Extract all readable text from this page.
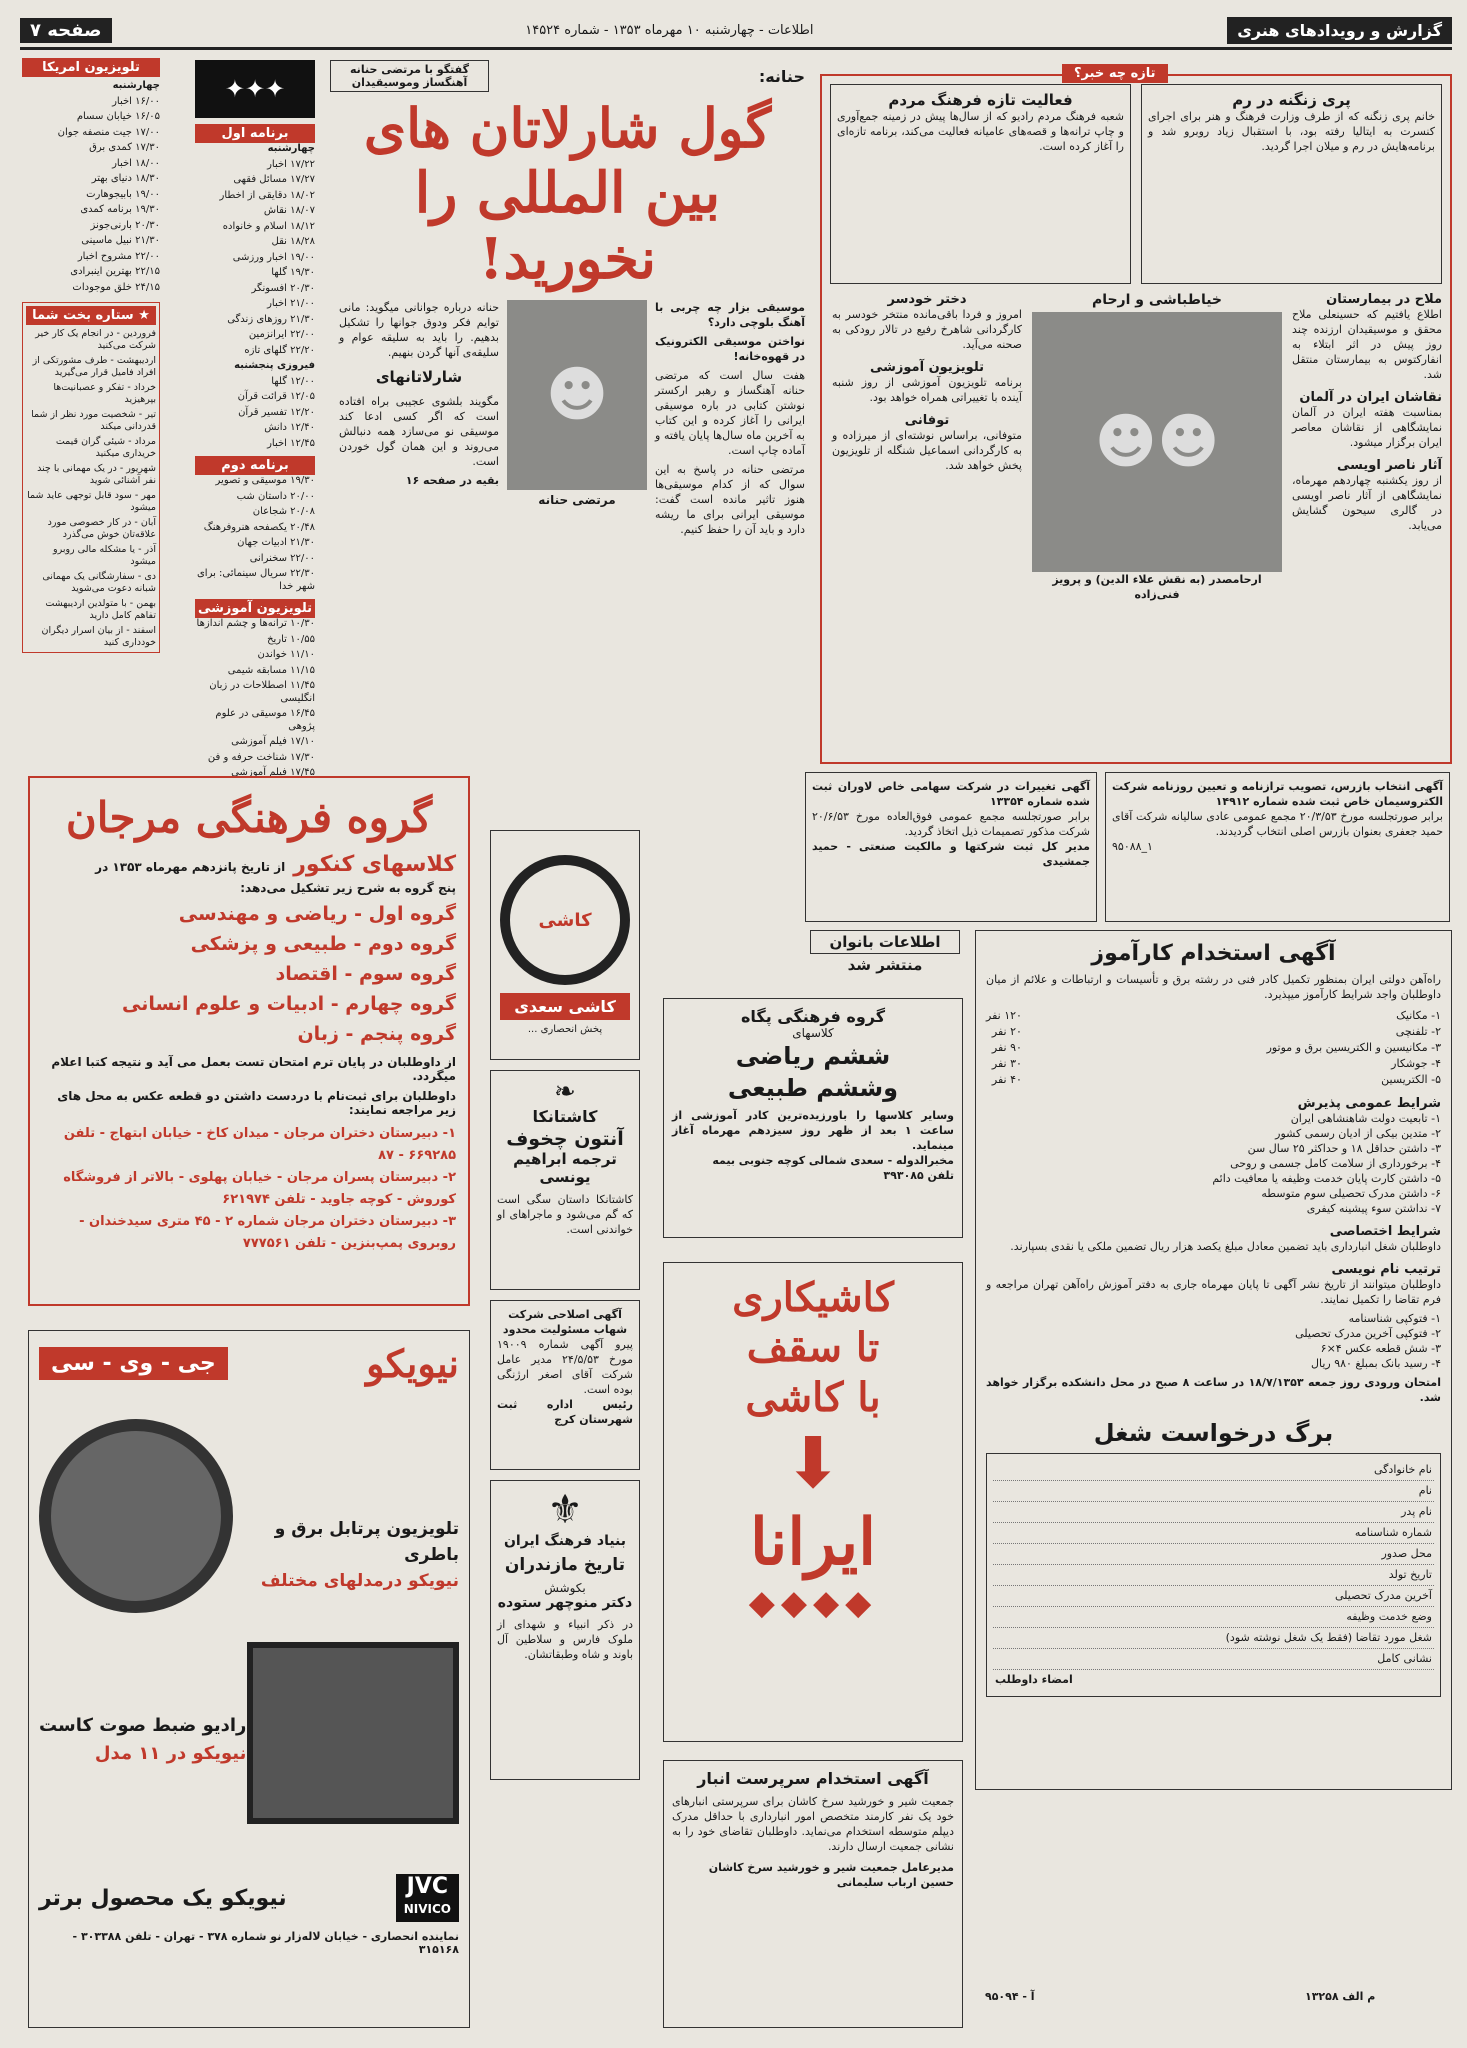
گزارش و رویدادهای هنری
اطلاعات - چهارشنبه ۱۰ مهرماه ۱۳۵۳ - شماره ۱۴۵۲۴
صفحه ۷
تلویزیون امریکا
چهارشنبه
۱۶/۰۰ اخبار
۱۶/۰۵ خیابان سسام
۱۷/۰۰ جیت منصفه جوان
۱۷/۳۰ کمدی برق
۱۸/۰۰ اخبار
۱۸/۳۰ دنیای بهتر
۱۹/۰۰ بابیجوهارت
۱۹/۳۰ برنامه کمدی
۲۰/۳۰ بارنی‌جونز
۲۱/۳۰ نبیل ماسینی
۲۲/۰۰ مشروح اخبار
۲۲/۱۵ بهترین اینبرادی
۲۴/۱۵ خلق موجودات
★ ستاره بخت شما
فروردین - در انجام یک کار خیر شرکت می‌کنید
اردیبهشت - طرف مشورتکی از افراد فامیل قرار می‌گیرید
خرداد - تفکر و عصبانیت‌ها بپرهیزید
تیر - شخصیت مورد نظر از شما قدردانی میکند
مرداد - شیئی گران قیمت خریداری میکنید
شهریور - در یک مهمانی با چند نفر آشنائی شوید
مهر - سود قابل توجهی عاید شما میشود
آبان - در کار خصوصی مورد علاقه‌تان خوش می‌گذرد
آذر - یا مشکله مالی روبرو میشود
دی - سفارشگانی یک مهمانی شبانه دعوت می‌شوید
بهمن - با متولدین اردیبهشت تفاهم کامل دارید
اسفند - از بیان اسرار دیگران خودداری کنید
✦✦✦
برنامه اول
چهارشنبه
۱۷/۲۲ اخبار
۱۷/۲۷ مسائل فقهی
۱۸/۰۲ دقایقی از اخطار
۱۸/۰۷ نقاش
۱۸/۱۲ اسلام و خانواده
۱۸/۲۸ نقل
۱۹/۰۰ اخبار ورزشی
۱۹/۳۰ گلها
۲۰/۳۰ افسونگر
۲۱/۰۰ اخبار
۲۱/۳۰ روزهای زندگی
۲۲/۰۰ ایرانزمین
۲۲/۲۰ گلهای تازه
فیروزی پنجشنبه
۱۲/۰۰ گلها
۱۲/۰۵ قرائت قرآن
۱۲/۲۰ تفسیر قرآن
۱۲/۴۰ دانش
۱۲/۴۵ اخبار
برنامه دوم
۱۹/۳۰ موسیقی و تصویر
۲۰/۰۰ داستان شب
۲۰/۰۸ شجاعان
۲۰/۴۸ یکصفحه هنرو‌فرهنگ
۲۱/۳۰ ادبیات جهان
۲۲/۰۰ سخنرانی
۲۲/۳۰ سریال سینمائی: برای شهر خدا
تلویزیون آموزشی
۱۰/۳۰ ترانه‌ها و چشم اندازها
۱۰/۵۵ تاریخ
۱۱/۱۰ خواندن
۱۱/۱۵ مسابقه شیمی
۱۱/۴۵ اصطلاحات در زبان انگلیسی
۱۶/۴۵ موسیقی در علوم پژوهی
۱۷/۱۰ فیلم آموزشی
۱۷/۳۰ شناخت حرفه و فن
۱۷/۴۵ فیلم آموزشی
حنانه:
گفتگو با مرتضی حنانه آهنگساز وموسیقیدان
گول شارلاتان های
بین المللی را نخورید!
موسیقی بزار چه چربی با آهنگ بلوچی دارد؟
نواختن موسیقی الکترونیک در قهوه‌خانه!
هفت سال است که مرتضی حنانه آهنگساز و رهبر ارکستر نوشتن کتابی در باره موسیقی ایرانی را آغاز کرده و این کتاب به آخرین ماه سال‌ها پایان یافته و آماده چاپ است.
مرتضی حنانه در پاسخ به این سوال که از کدام موسیقی‌ها هنوز تاثیر مانده است گفت: موسیقی ایرانی برای ما ریشه دارد و باید آن را حفظ کنیم.
☻
مرتضی حنانه
حنانه درباره جوانانی میگوید: مانی‌ توایم فکر ودوق جوانها را تشکیل بدهیم. را باید به سلیقه عوام و سلیقه‌ی آنها گردن بنهیم.
شارلاتانهای
مگویند بلشوی عجیبی براه افتاده است که اگر کسی ادعا کند موسیقی نو می‌سازد همه دنبالش می‌روند و این همان گول خوردن است.
بقیه در صفحه ۱۶
تازه چه خبر؟
پری زنگنه در رم
خانم پری زنگنه که از طرف وزارت فرهنگ و هنر برای اجرای کنسرت به ایتالیا رفته بود، با استقبال زیاد روبرو شد و برنامه‌هایش در رم و میلان اجرا گردید.
فعالیت تازه فرهنگ مردم
شعبه فرهنگ مردم رادیو که از سال‌ها پیش در زمینه جمع‌آوری و چاپ ترانه‌ها و قصه‌های عامیانه فعالیت می‌کند، برنامه تازه‌ای را آغاز کرده است.
ملاح در بیمارستان
اطلاع یافتیم که حسینعلی ملاح محقق و موسیقیدان ارزنده چند روز پیش در اثر ابتلاء به انفارکتوس به بیمارستان منتقل شد.
نقاشان ایران در آلمان
بمناسبت هفته ایران در آلمان نمایشگاهی از نقاشان معاصر ایران برگزار میشود.
آثار ناصر اویسی
از روز یکشنبه چهاردهم مهرماه، نمایشگاهی از آثار ناصر اویسی در گالری سیحون گشایش می‌یابد.
خیاطباشی و ارحام
☻☻
ارحامصدر (به نقش علاء الدین) و پرویز فنی‌زاده
دختر خودسر
امروز و فردا باقی‌مانده منتخر خودسر به کارگردانی شاهرخ رفیع در تالار رودکی به صحنه می‌آید.
تلویزیون آموزشی
برنامه تلویزیون آموزشی از روز شنبه آینده با تغییراتی همراه خواهد بود.
توفانی
متوفانی، براساس نوشته‌ای از میرزاده و به کارگردانی اسماعیل شنگله از تلویزیون پخش خواهد شد.
آگهی انتخاب بازرس، تصویب ترازنامه و تعیین روزنامه شرکت الکتروسیمان خاص ثبت شده شماره ۱۴۹۱۲
برابر صورتجلسه مورخ ۲۰/۳/۵۳ مجمع عمومی عادی سالیانه شرکت آقای حمید جعفری بعنوان بازرس اصلی انتخاب گردیدند.
۱_۹۵۰۸۸
آگهی تغییرات در شرکت سهامی خاص لاوران ثبت شده شماره ۱۳۳۵۴
برابر صورتجلسه مجمع عمومی فوق‌العاده مورخ ۲۰/۶/۵۳ شرکت مذکور تصمیمات ذیل اتخاذ گردید.
مدیر کل ثبت شرکتها و مالکیت صنعتی - حمید جمشیدی
گروه فرهنگی مرجان
کلاسهای کنکور
از تاریخ پانزدهم مهرماه ۱۳۵۳ در
پنج گروه به شرح زیر تشکیل می‌دهد:
گروه اول - ریاضی و مهندسی
گروه دوم - طبیعی و پزشکی
گروه سوم - اقتصاد
گروه چهارم - ادبیات و علوم انسانی
گروه پنجم - زبان
از داوطلبان در پایان ترم امتحان تست بعمل می آید و نتیجه کتبا اعلام میگردد.
داوطلبان برای ثبت‌نام با دردست داشتن دو قطعه عکس به محل های زیر مراجعه نمایند:
۱- دبیرستان دختران مرجان - میدان کاخ - خیابان ابتهاج - تلفن ۶۶۹۲۸۵ - ۸۷
۲- دبیرستان پسران مرجان - خیابان پهلوی - بالاتر از فروشگاه کوروش - کوچه جاوید - تلفن ۶۲۱۹۷۴
۳- دبیرستان دختران مرجان شماره ۲ - ۴۵ متری سیدخندان - روبروی پمپ‌بنزین - تلفن ۷۷۷۵۶۱
کاشی
کاشی سعدی
پخش انحصاری ...
❧
کاشتانکا
آنتون چخوف
ترجمه ابراهیم یونسی
کاشتانکا داستان سگی است که گم می‌شود و ماجراهای او خواندنی است.
اطلاعات بانوان
منتشر شد
گروه فرهنگی پگاه
کلاسهای
ششم ریاضی
وششم طبیعی
وسایر کلاسها را باورزیده‌ترین کادر آموزشی از ساعت ۱ بعد از ظهر روز سیزدهم مهرماه آغاز مینماید.
مخبرالدوله - سعدی شمالی کوچه جنوبی بیمه
تلفن ۳۹۳۰۸۵
کاشیکاری
تا سقف
با کاشی
⬇
ایرانا
◆◆◆◆
آگهی اصلاحی شرکت شهاب مسئولیت محدود
پیرو آگهی شماره ۱۹۰۰۹ مورخ ۲۴/۵/۵۳ مدیر عامل شرکت آقای اصغر ارژنگی بوده است.
رئیس اداره ثبت شهرستان کرج
⚜
بنیاد فرهنگ ایران
تاریخ مازندران
بکوشش
دکتر منوچهر ستوده
در ذکر انبیاء و شهدای از ملوک فارس و سلاطین آل باوند و شاه وطبقاتشان.
نیویکو
جی - وی - سی
تلویزیون پرتابل برق و باطری
نیویکو درمدلهای مختلف
رادیو ضبط صوت کاست
نیویکو در ۱۱ مدل
JVC
NIVICO
نیویکو یک محصول برتر
نماینده انحصاری - خیابان لاله‌زار نو شماره ۳۷۸ - تهران - تلفن ۳۰۳۳۸۸ - ۳۱۵۱۶۸
آگهی استخدام کارآموز
راه‌آهن دولتی ایران بمنظور تکمیل کادر فنی در رشته برق و تأسیسات و ارتباطات و علائم از میان داوطلبان واجد شرایط کارآموز میپذیرد.
۱- مکانیک
۲- تلفنچی
۳- مکانیسین و الکتریسین برق و موتور
۴- جوشکار
۵- الکتریسین
۱۲۰ نفر
۲۰ نفر
۹۰ نفر
۳۰ نفر
۴۰ نفر
شرایط عمومی پذیرش
۱- تابعیت دولت شاهنشاهی ایران
۲- متدین بیکی از ادیان رسمی کشور
۳- داشتن حداقل ۱۸ و حداکثر ۲۵ سال سن
۴- برخورداری از سلامت کامل جسمی و روحی
۵- داشتن کارت پایان خدمت وظیفه یا معافیت دائم
۶- داشتن مدرک تحصیلی سوم متوسطه
۷- نداشتن سوء پیشینه کیفری
شرایط اختصاصی
داوطلبان شغل انبارداری باید تضمین معادل مبلغ یکصد هزار ریال تضمین ملکی یا نقدی بسپارند.
ترتیب نام نویسی
داوطلبان میتوانند از تاریخ نشر آگهی تا پایان مهرماه جاری به دفتر آموزش راه‌آهن تهران مراجعه و فرم تقاضا را تکمیل نمایند.
۱- فتوکپی شناسنامه
۲- فتوکپی آخرین مدرک تحصیلی
۳- شش قطعه عکس ۴×۶
۴- رسید بانک بمبلغ ۹۸۰ ریال
امتحان ورودی روز جمعه ۱۸/۷/۱۳۵۳ در ساعت ۸ صبح در محل دانشکده برگزار خواهد شد.
برگ درخواست شغل
نام خانوادگی
نام
نام پدر
شماره شناسنامه
محل صدور
تاریخ تولد
آخرین مدرک تحصیلی
وضع خدمت وظیفه
شغل مورد تقاضا (فقط یک شغل نوشته شود)
نشانی کامل
امضاء داوطلب
م الف ۱۳۲۵۸
آ - ۹۵۰۹۴
آگهی استخدام سرپرست انبار
جمعیت شیر و خورشید سرخ کاشان برای سرپرستی انبارهای خود یک نفر کارمند متخصص امور انبارداری با حداقل مدرک دیپلم متوسطه استخدام می‌نماید. داوطلبان تقاضای خود را به نشانی جمعیت ارسال دارند.
مدیرعامل جمعیت شیر و خورشید سرخ کاشان
حسین ارباب سلیمانی
